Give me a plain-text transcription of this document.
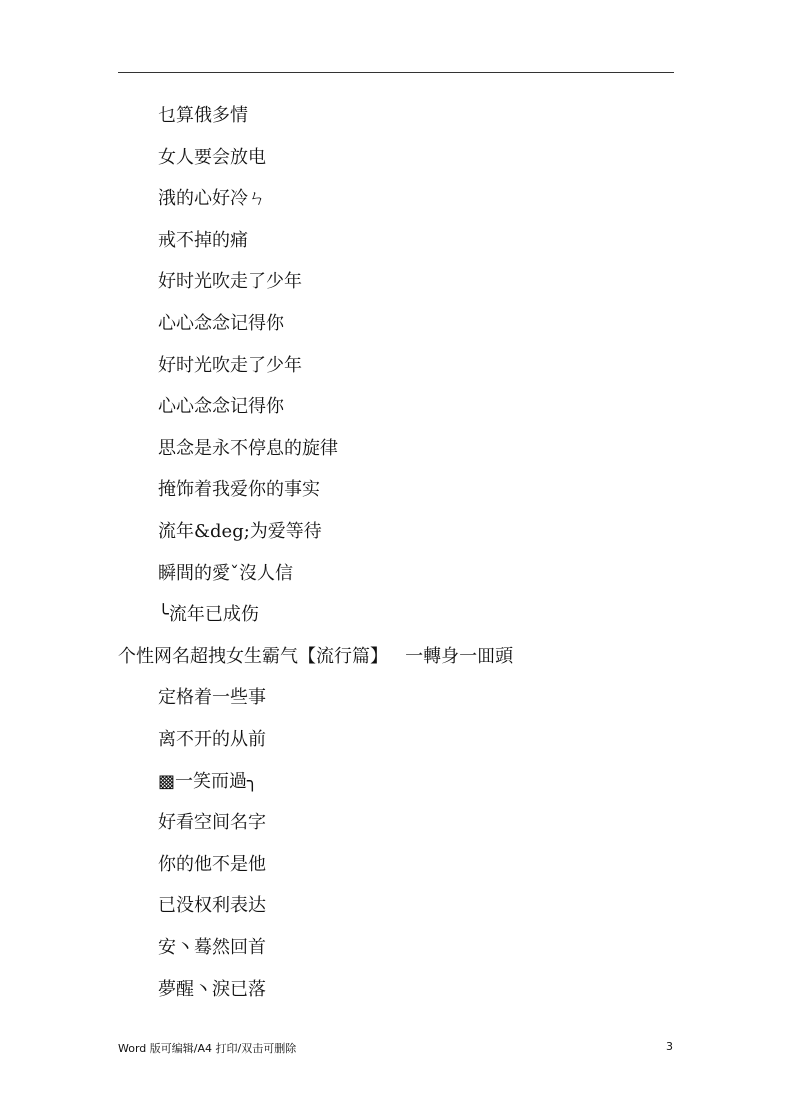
乜算俄多情
女人要会放电
涐的心好冷ㄣ
戒不掉的痛
好时光吹走了少年
心心念念记得你
好时光吹走了少年
心心念念记得你
思念是永不停息的旋律
掩饰着我爱你的事实
流年&deg;为爱等待
瞬間的愛ˇ沒人信
╰流年已成伤
个性网名超拽女生霸气【流行篇】   一轉身一囬頭
定格着一些事
离不开的从前
▩一笑而過╮
好看空间名字
你的他不是他
已没权利表达
安丶蓦然回首
夢醒丶淚已落
Word 版可编辑/A4 打印/双击可删除	3
